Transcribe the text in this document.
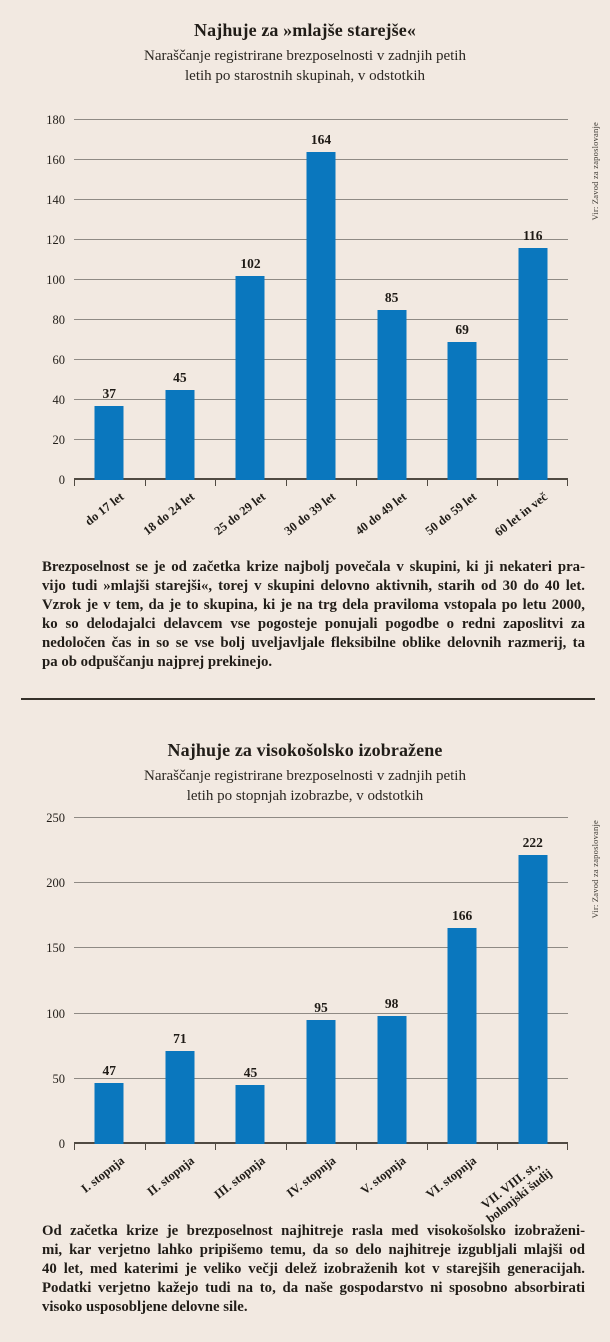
Najhuje za »mlajše starejše«
Naraščanje registrirane brezposelnosti v zadnjih petih
letih po starostnih skupinah, v odstotkih
0
20
40
60
80
100
120
140
160
180
37
45
102
164
85
69
116
do 17 let 18 do 24 let 25 do 29 let 30 do 39 let 40 do 49 let 50 do 59 let 60 let in več
Vir: Zavod za zaposlovanje
Brezposelnost se je od začetka krize najbolj povečala v skupini, ki ji nekateri pra-
vijo tudi »mlajši starejši«, torej v skupini delovno aktivnih, starih od 30 do 40 let.
Vzrok je v tem, da je to skupina, ki je na trg dela praviloma vstopala po letu 2000,
ko so delodajalci delavcem vse pogosteje ponujali pogodbe o redni zaposlitvi za
nedoločen čas in so se vse bolj uveljavljale fleksibilne oblike delovnih razmerij, ta
pa ob odpuščanju najprej prekinejo.
Najhuje za visokošolsko izobražene
Naraščanje registrirane brezposelnosti v zadnjih petih
letih po stopnjah izobrazbe, v odstotkih
0
50
100
150
200
250
47
71
45
95	98
166
222
I. stopnja II. stopnja III. stopnja IV. stopnja V. stopnja VI. stopnja VII. VIII. st.,
bolonjski šudij
Vir: Zavod za zaposlovanje
Od začetka krize je brezposelnost najhitreje rasla med visokošolsko izobraženi-
mi, kar verjetno lahko pripišemo temu, da so delo najhitreje izgubljali mlajši od
40 let, med katerimi je veliko večji delež izobraženih kot v starejših generacijah.
Podatki verjetno kažejo tudi na to, da naše gospodarstvo ni sposobno absorbirati
visoko usposobljene delovne sile.
